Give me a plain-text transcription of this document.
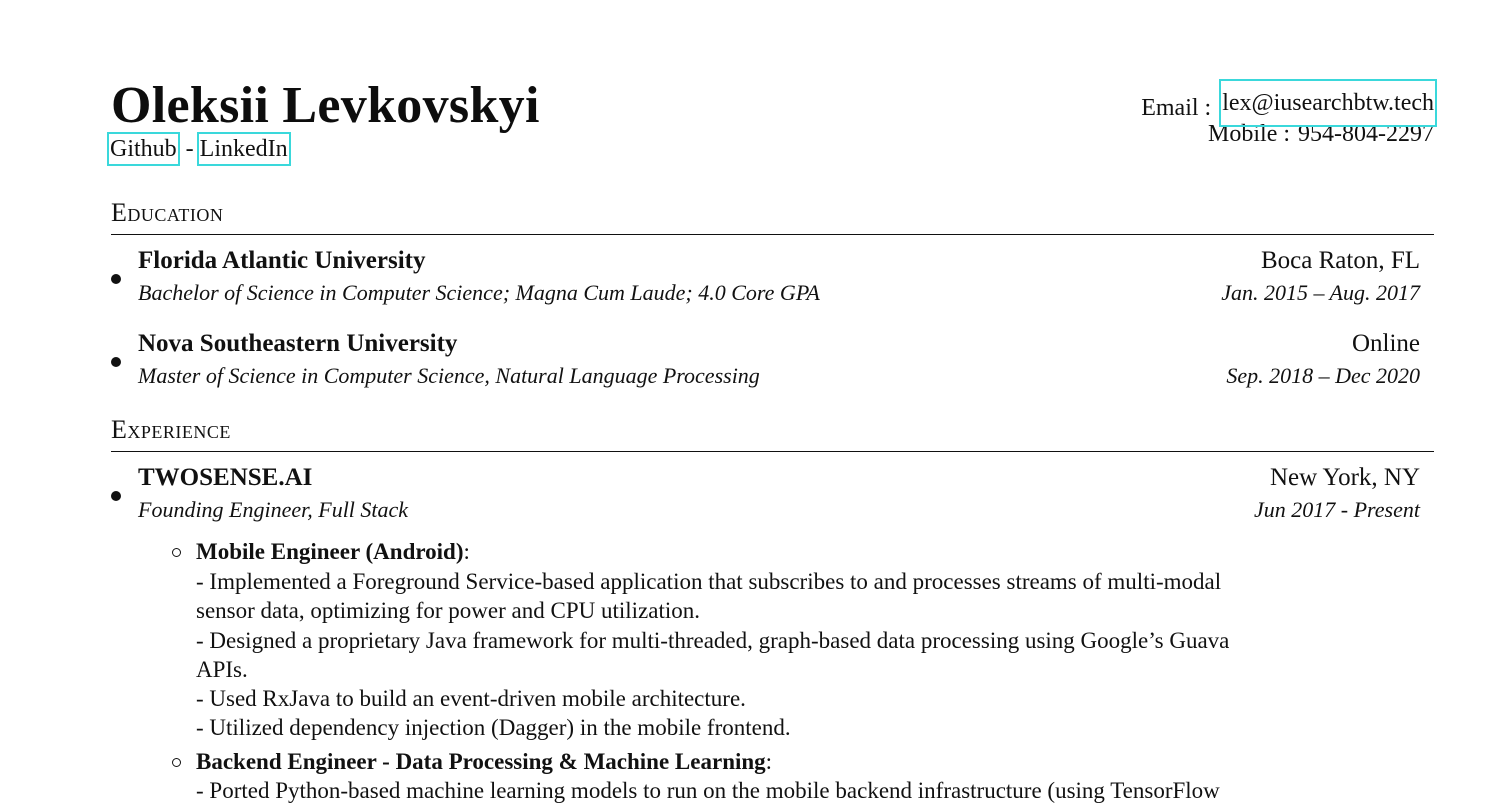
Oleksii Levkovskyi
Github - LinkedIn
Email : lex@iusearchbtw.tech
Mobile : 954-804-2297
Education
Florida Atlantic University	Boca Raton, FL
Bachelor of Science in Computer Science; Magna Cum Laude; 4.0 Core GPA	Jan. 2015 – Aug. 2017
Nova Southeastern University	Online
Master of Science in Computer Science, Natural Language Processing	Sep. 2018 – Dec 2020
Experience
TWOSENSE.AI	New York, NY
Founding Engineer, Full Stack	Jun 2017 - Present
Mobile Engineer (Android):
- Implemented a Foreground Service-based application that subscribes to and processes streams of multi-modal
sensor data, optimizing for power and CPU utilization.
- Designed a proprietary Java framework for multi-threaded, graph-based data processing using Google’s Guava
APIs.
- Used RxJava to build an event-driven mobile architecture.
- Utilized dependency injection (Dagger) in the mobile frontend.
Backend Engineer - Data Processing & Machine Learning:
- Ported Python-based machine learning models to run on the mobile backend infrastructure (using TensorFlow
